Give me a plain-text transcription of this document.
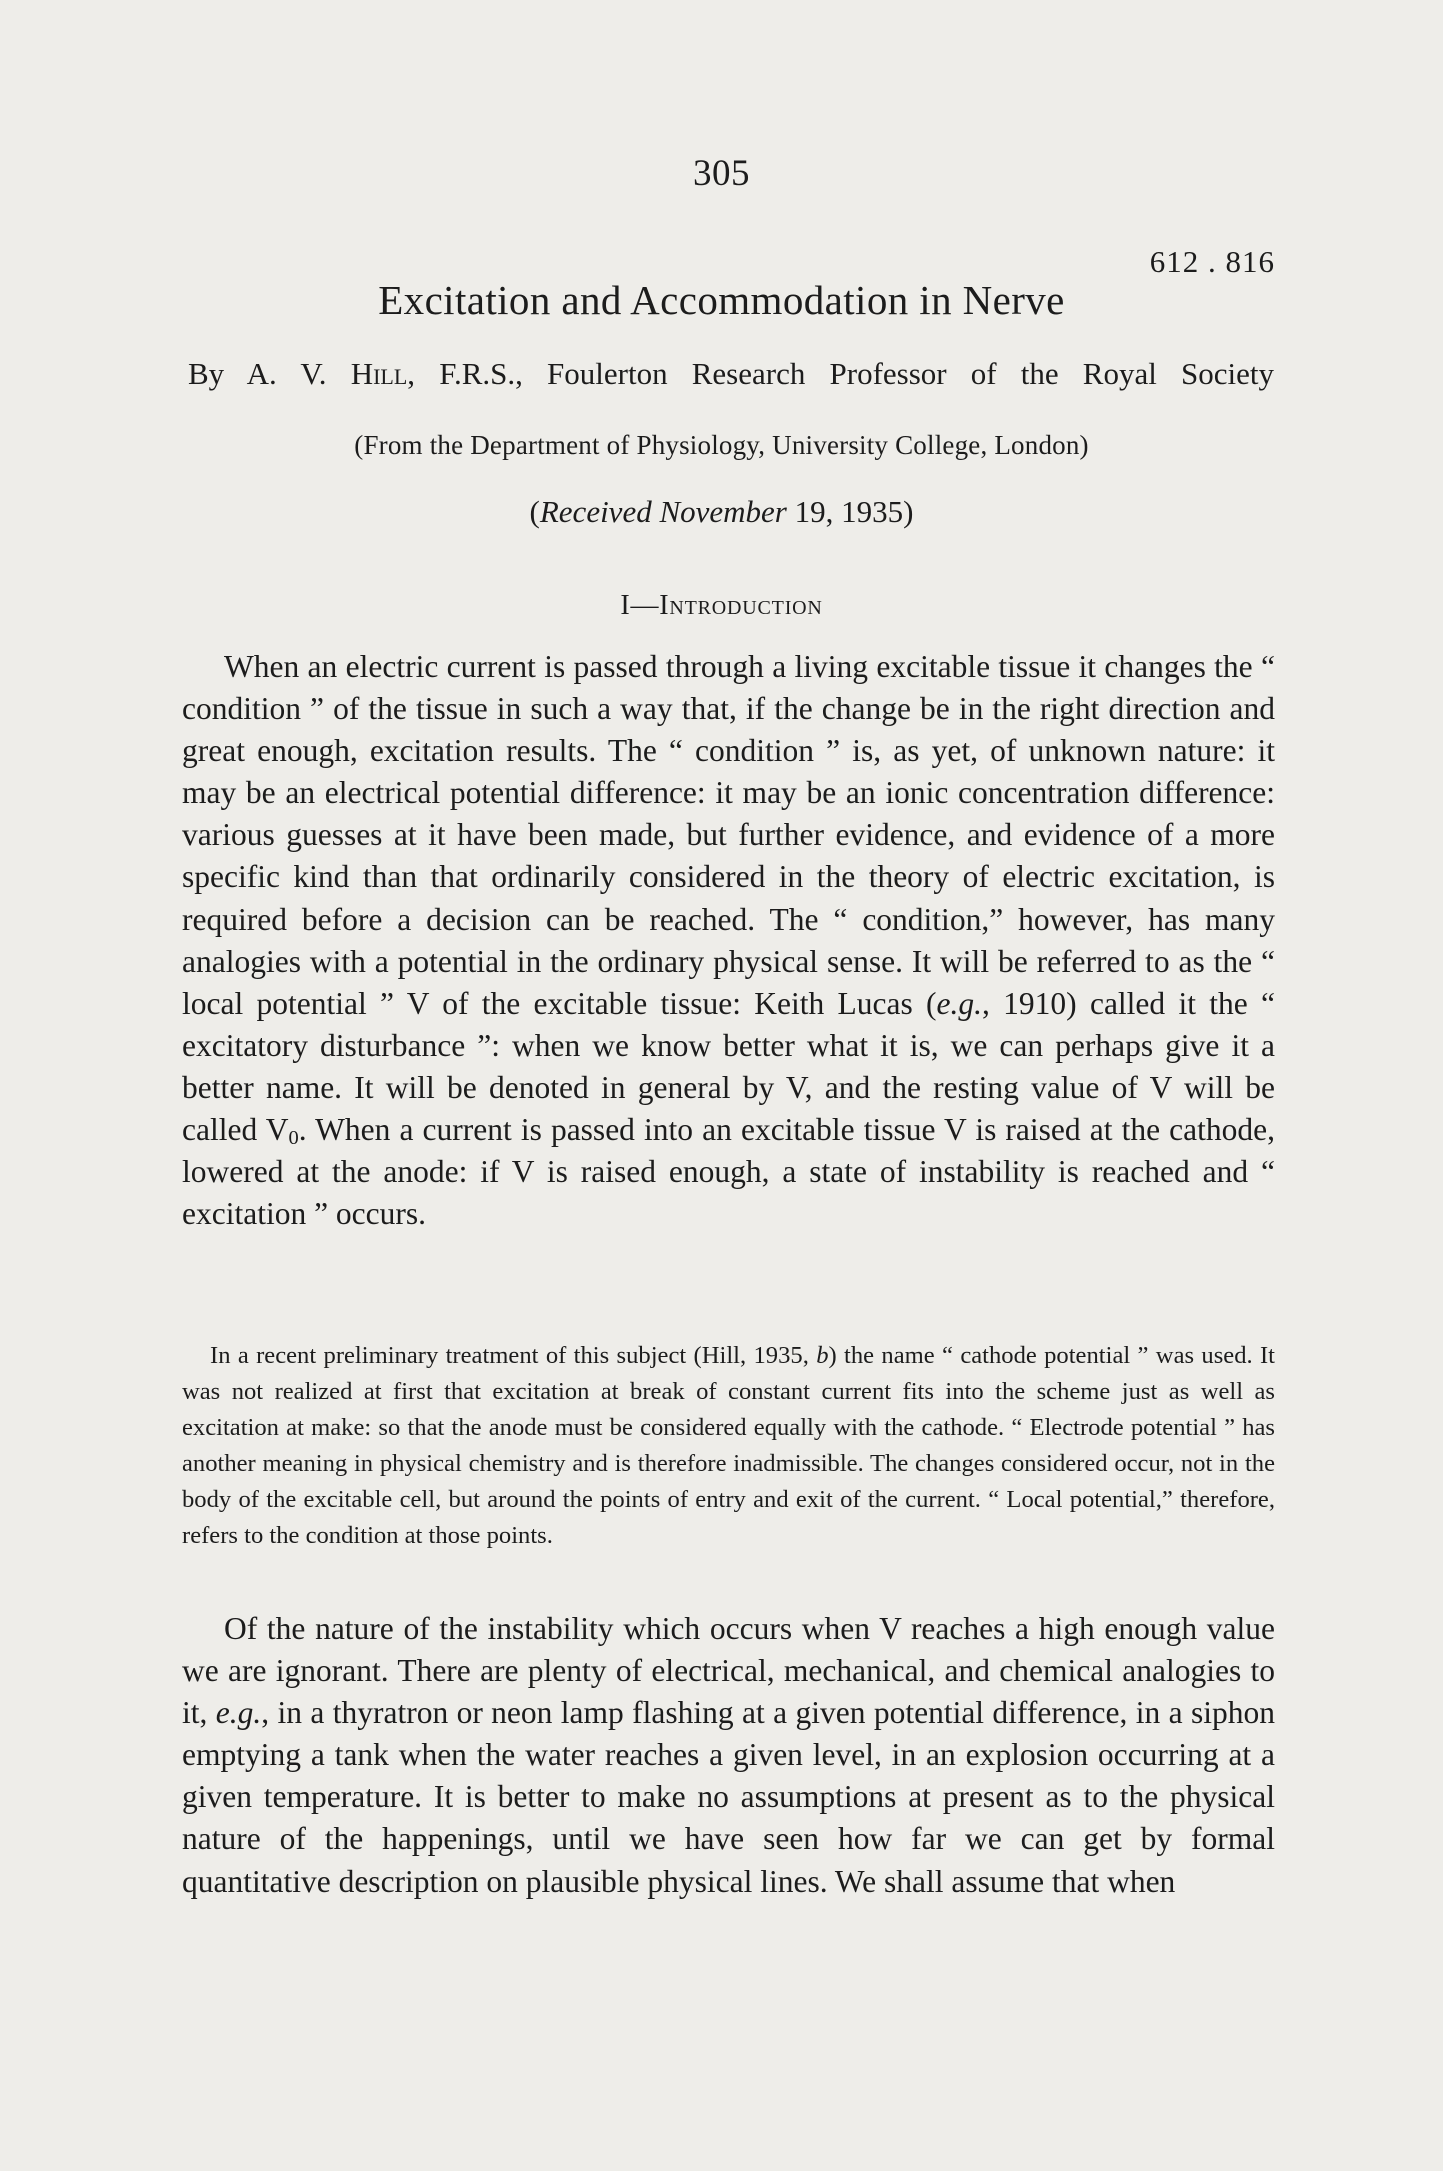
305
612 . 816
Excitation and Accommodation in Nerve
By A. V. Hill, F.R.S., Foulerton Research Professor of the Royal Society
(From the Department of Physiology, University College, London)
(Received November 19, 1935)
I—Introduction

When an electric current is passed through a living excitable tissue it changes the “ condition ” of the tissue in such a way that, if the change be in the right direction and great enough, excitation results. The “ condition ” is, as yet, of unknown nature: it may be an electrical potential difference: it may be an ionic concentration difference: various guesses at it have been made, but further evidence, and evidence of a more specific kind than that ordinarily considered in the theory of electric excitation, is required before a decision can be reached. The “ condition,” however, has many analogies with a potential in the ordinary physical sense. It will be referred to as the “ local potential ” V of the excitable tissue: Keith Lucas (e.g., 1910) called it the “ excitatory disturbance ”: when we know better what it is, we can perhaps give it a better name. It will be denoted in general by V, and the resting value of V will be called $V_0$. When a current is passed into an excitable tissue V is raised at the cathode, lowered at the anode: if V is raised enough, a state of instability is reached and “ excitation ” occurs.

In a recent preliminary treatment of this subject (Hill, 1935, b) the name “ cathode potential ” was used. It was not realized at first that excitation at break of constant current fits into the scheme just as well as excitation at make: so that the anode must be considered equally with the cathode. “ Electrode potential ” has another meaning in physical chemistry and is therefore inadmissible. The changes considered occur, not in the body of the excitable cell, but around the points of entry and exit of the current. “ Local potential,” therefore, refers to the condition at those points.

Of the nature of the instability which occurs when V reaches a high enough value we are ignorant. There are plenty of electrical, mechanical, and chemical analogies to it, e.g., in a thyratron or neon lamp flashing at a given potential difference, in a siphon emptying a tank when the water reaches a given level, in an explosion occurring at a given temperature. It is better to make no assumptions at present as to the physical nature of the happenings, until we have seen how far we can get by formal quantitative description on plausible physical lines. We shall assume that when
